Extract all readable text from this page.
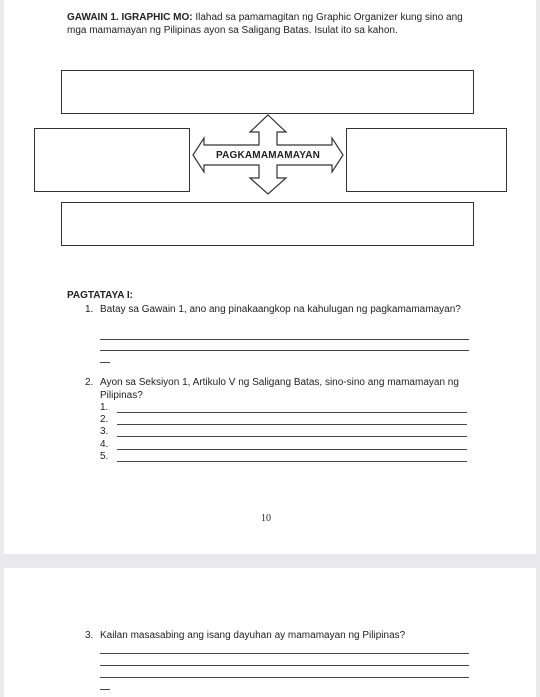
GAWAIN 1. IGRAPHIC MO: Ilahad sa pamamagitan ng Graphic Organizer kung sino ang mga mamamayan ng Pilipinas ayon sa Saligang Batas. Isulat ito sa kahon.
PAGKAMAMAMAYAN
PAGTATAYA I:
1. Batay sa Gawain 1, ano ang pinakaangkop na kahulugan ng pagkamamamayan?
2. Ayon sa Seksiyon 1, Artikulo V ng Saligang Batas, sino-sino ang mamamayan ng Pilipinas?
1.
2.
3.
4.
5.
10
3. Kailan masasabing ang isang dayuhan ay mamamayan ng Pilipinas?
